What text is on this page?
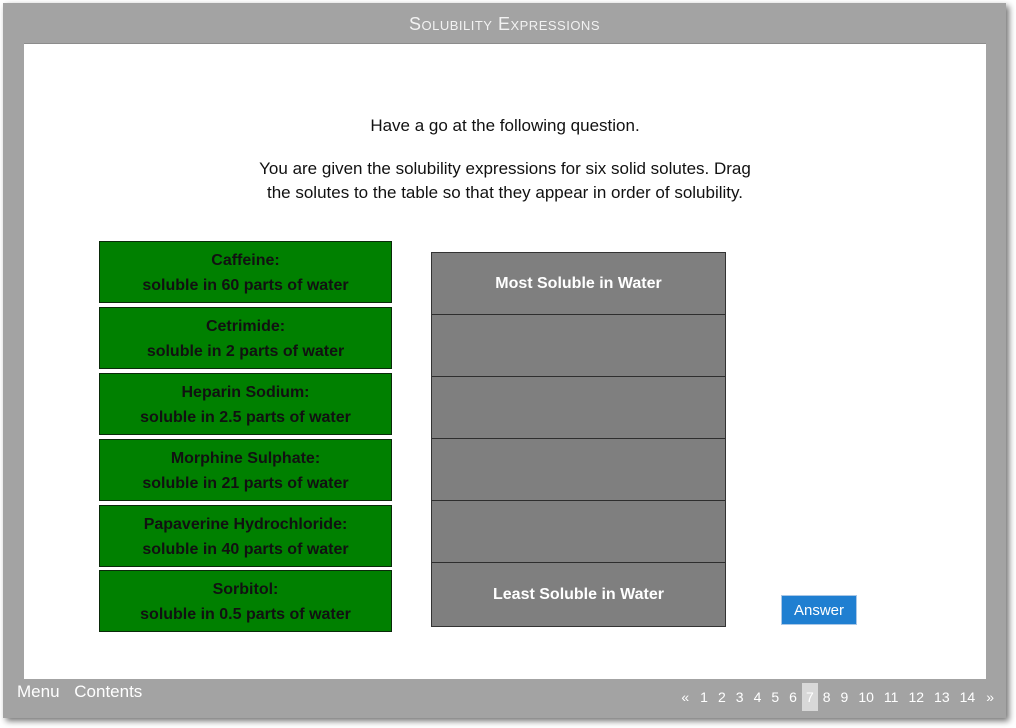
Solubility Expressions
Have a go at the following question.
You are given the solubility expressions for six solid solutes. Drag the solutes to the table so that they appear in order of solubility.
Caffeine:
soluble in 60 parts of water
Cetrimide:
soluble in 2 parts of water
Heparin Sodium:
soluble in 2.5 parts of water
Morphine Sulphate:
soluble in 21 parts of water
Papaverine Hydrochloride:
soluble in 40 parts of water
Sorbitol:
soluble in 0.5 parts of water
Most Soluble in Water
Least Soluble in Water
Answer
Menu Contents	« 1 2 3 4 5 6 7 8 9 10 11 12 13 14 »
